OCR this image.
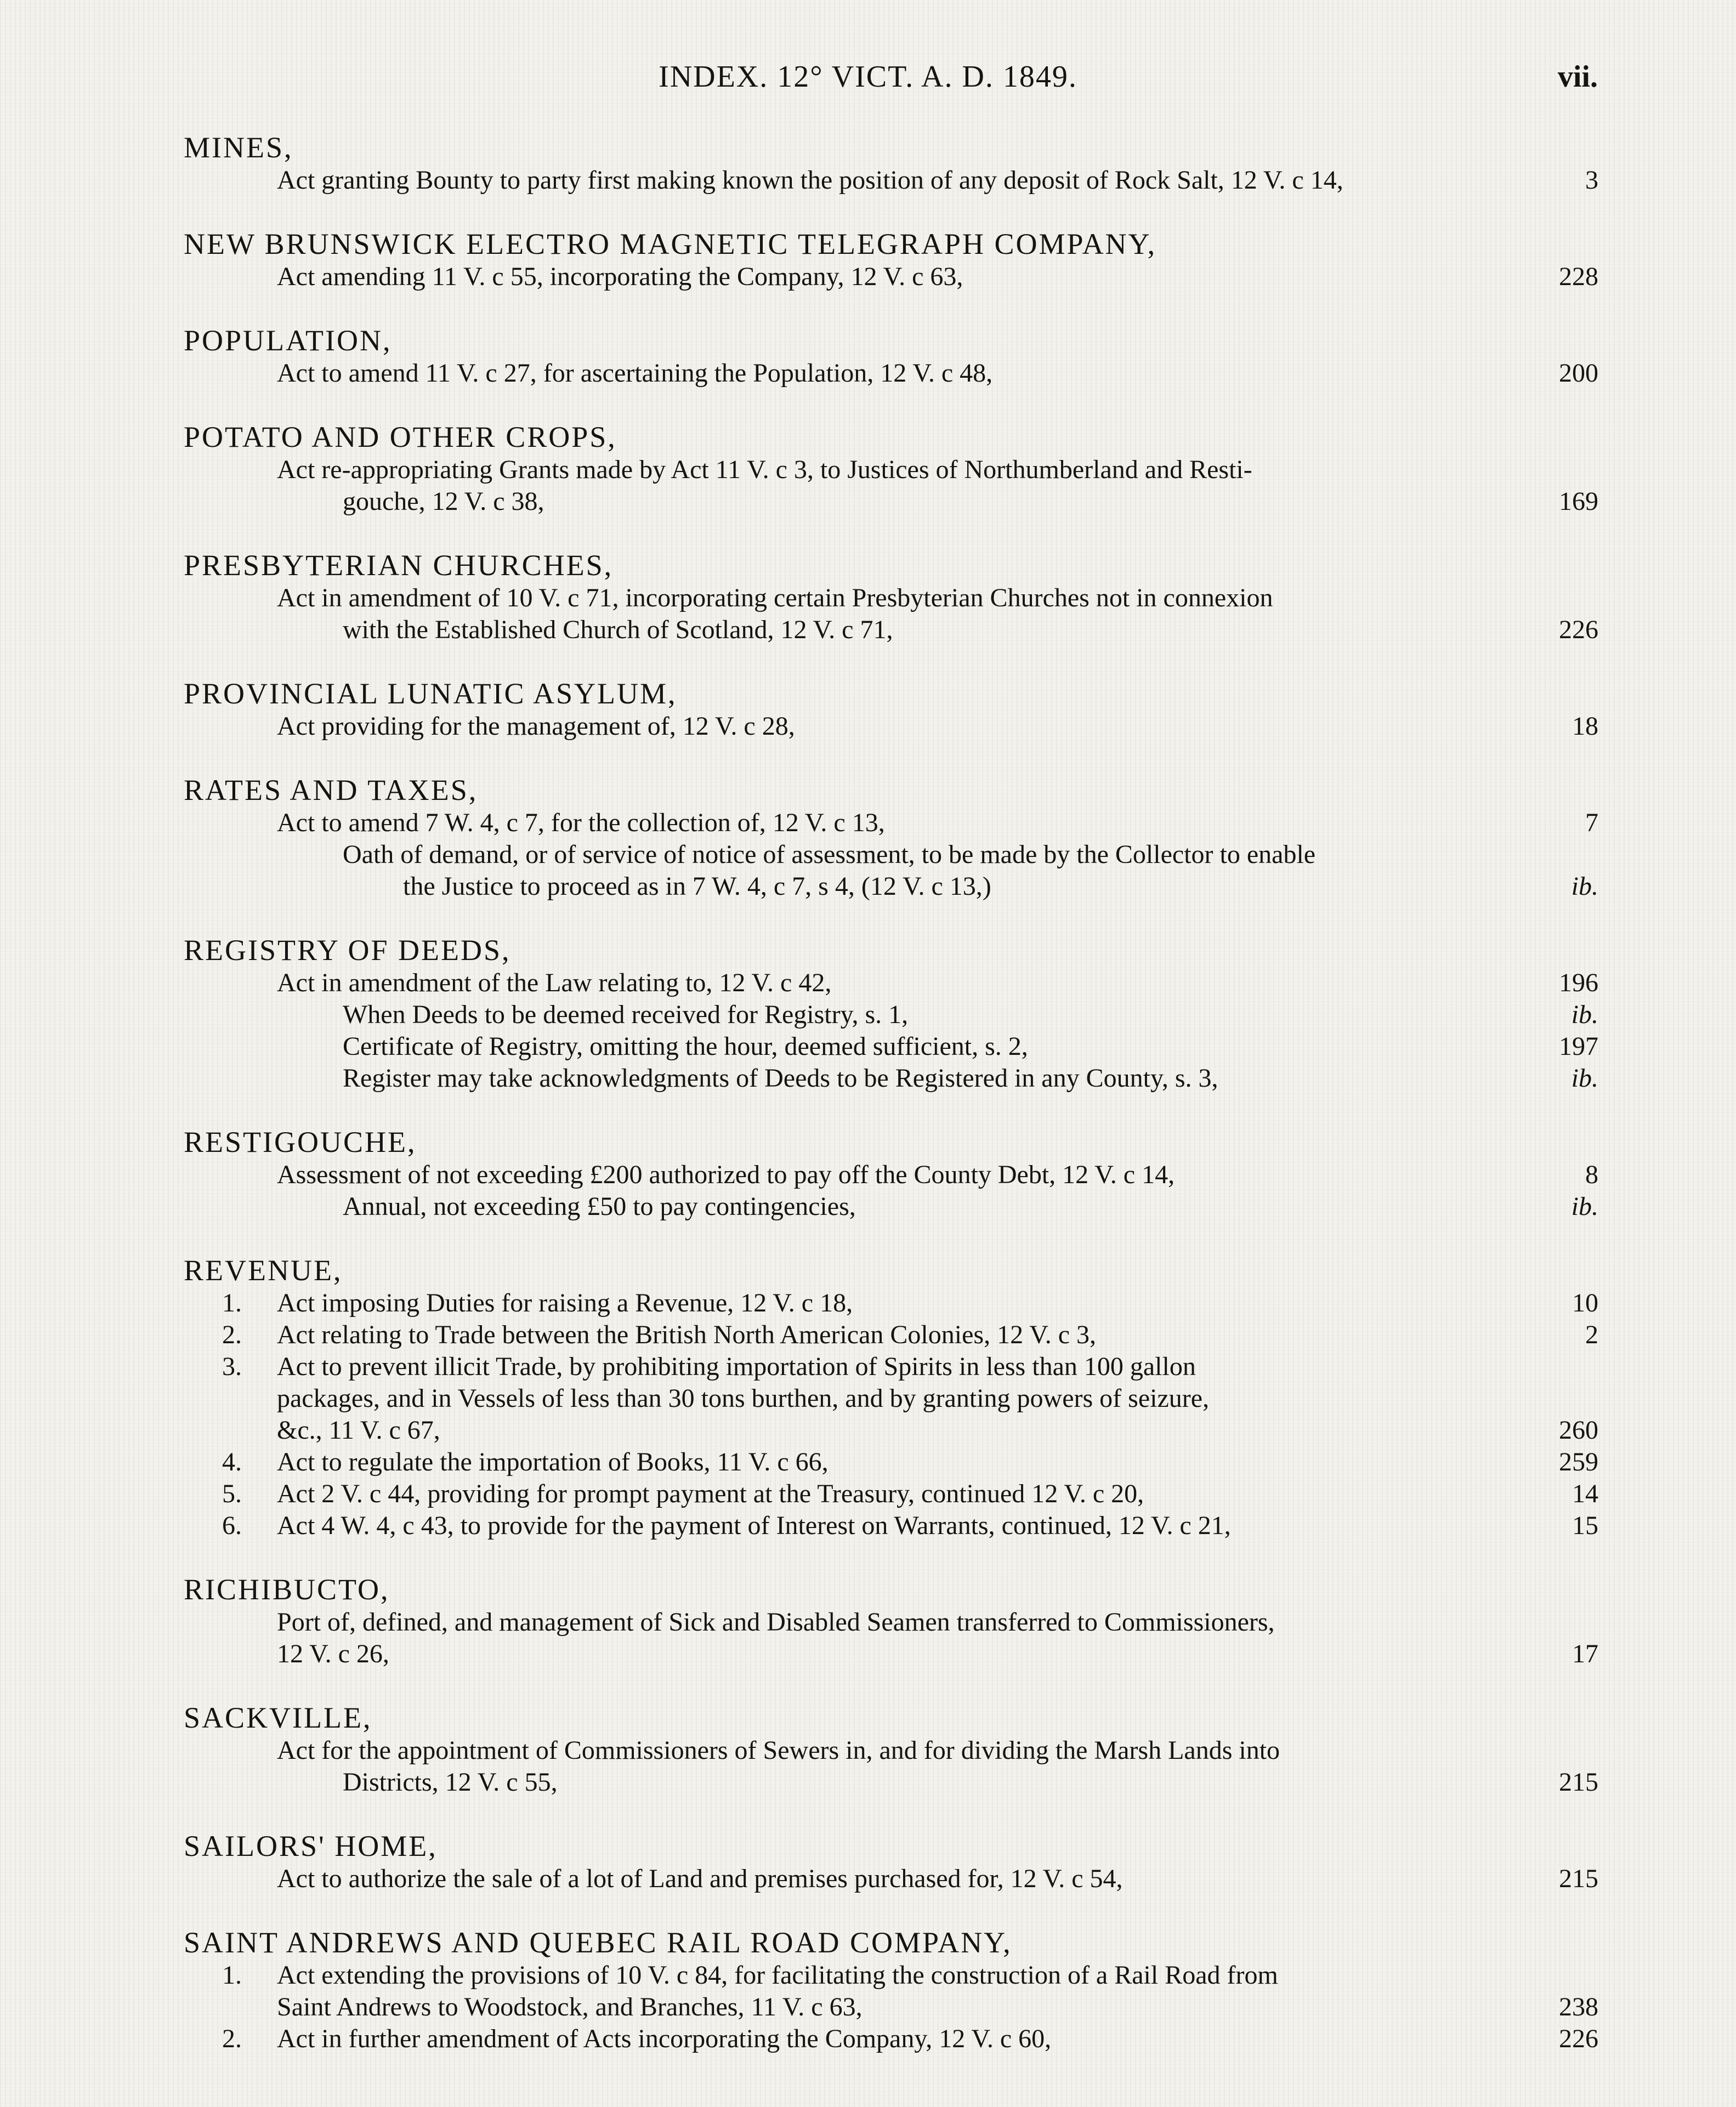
INDEX. 12° VICT. A. D. 1849.	vii.
MINES,
Act granting Bounty to party first making known the position of any deposit of Rock Salt, 12 V. c 14,	3
NEW BRUNSWICK ELECTRO MAGNETIC TELEGRAPH COMPANY,
Act amending 11 V. c 55, incorporating the Company, 12 V. c 63,	228
POPULATION,
Act to amend 11 V. c 27, for ascertaining the Population, 12 V. c 48,	200
POTATO AND OTHER CROPS,
Act re-appropriating Grants made by Act 11 V. c 3, to Justices of Northumberland and Resti-
gouche, 12 V. c 38,	169
PRESBYTERIAN CHURCHES,
Act in amendment of 10 V. c 71, incorporating certain Presbyterian Churches not in connexion
with the Established Church of Scotland, 12 V. c 71,	226
PROVINCIAL LUNATIC ASYLUM,
Act providing for the management of, 12 V. c 28,	18
RATES AND TAXES,
Act to amend 7 W. 4, c 7, for the collection of, 12 V. c 13,	7
Oath of demand, or of service of notice of assessment, to be made by the Collector to enable
the Justice to proceed as in 7 W. 4, c 7, s 4, (12 V. c 13,)	ib.
REGISTRY OF DEEDS,
Act in amendment of the Law relating to, 12 V. c 42,	196
When Deeds to be deemed received for Registry, s. 1,	ib.
Certificate of Registry, omitting the hour, deemed sufficient, s. 2,	197
Register may take acknowledgments of Deeds to be Registered in any County, s. 3,	ib.
RESTIGOUCHE,
Assessment of not exceeding £200 authorized to pay off the County Debt, 12 V. c 14,	8
Annual, not exceeding £50 to pay contingencies,	ib.
REVENUE,
1.	Act imposing Duties for raising a Revenue, 12 V. c 18,	10
2.	Act relating to Trade between the British North American Colonies, 12 V. c 3,	2
3.	Act to prevent illicit Trade, by prohibiting importation of Spirits in less than 100 gallon
packages, and in Vessels of less than 30 tons burthen, and by granting powers of seizure,
&c., 11 V. c 67,	260
4.	Act to regulate the importation of Books, 11 V. c 66,	259
5.	Act 2 V. c 44, providing for prompt payment at the Treasury, continued 12 V. c 20,	14
6.	Act 4 W. 4, c 43, to provide for the payment of Interest on Warrants, continued, 12 V. c 21,	15
RICHIBUCTO,
Port of, defined, and management of Sick and Disabled Seamen transferred to Commissioners,
12 V. c 26,	17
SACKVILLE,
Act for the appointment of Commissioners of Sewers in, and for dividing the Marsh Lands into
Districts, 12 V. c 55,	215
SAILORS' HOME,
Act to authorize the sale of a lot of Land and premises purchased for, 12 V. c 54,	215
SAINT ANDREWS AND QUEBEC RAIL ROAD COMPANY,
1.	Act extending the provisions of 10 V. c 84, for facilitating the construction of a Rail Road from
Saint Andrews to Woodstock, and Branches, 11 V. c 63,	238
2.	Act in further amendment of Acts incorporating the Company, 12 V. c 60,	226
